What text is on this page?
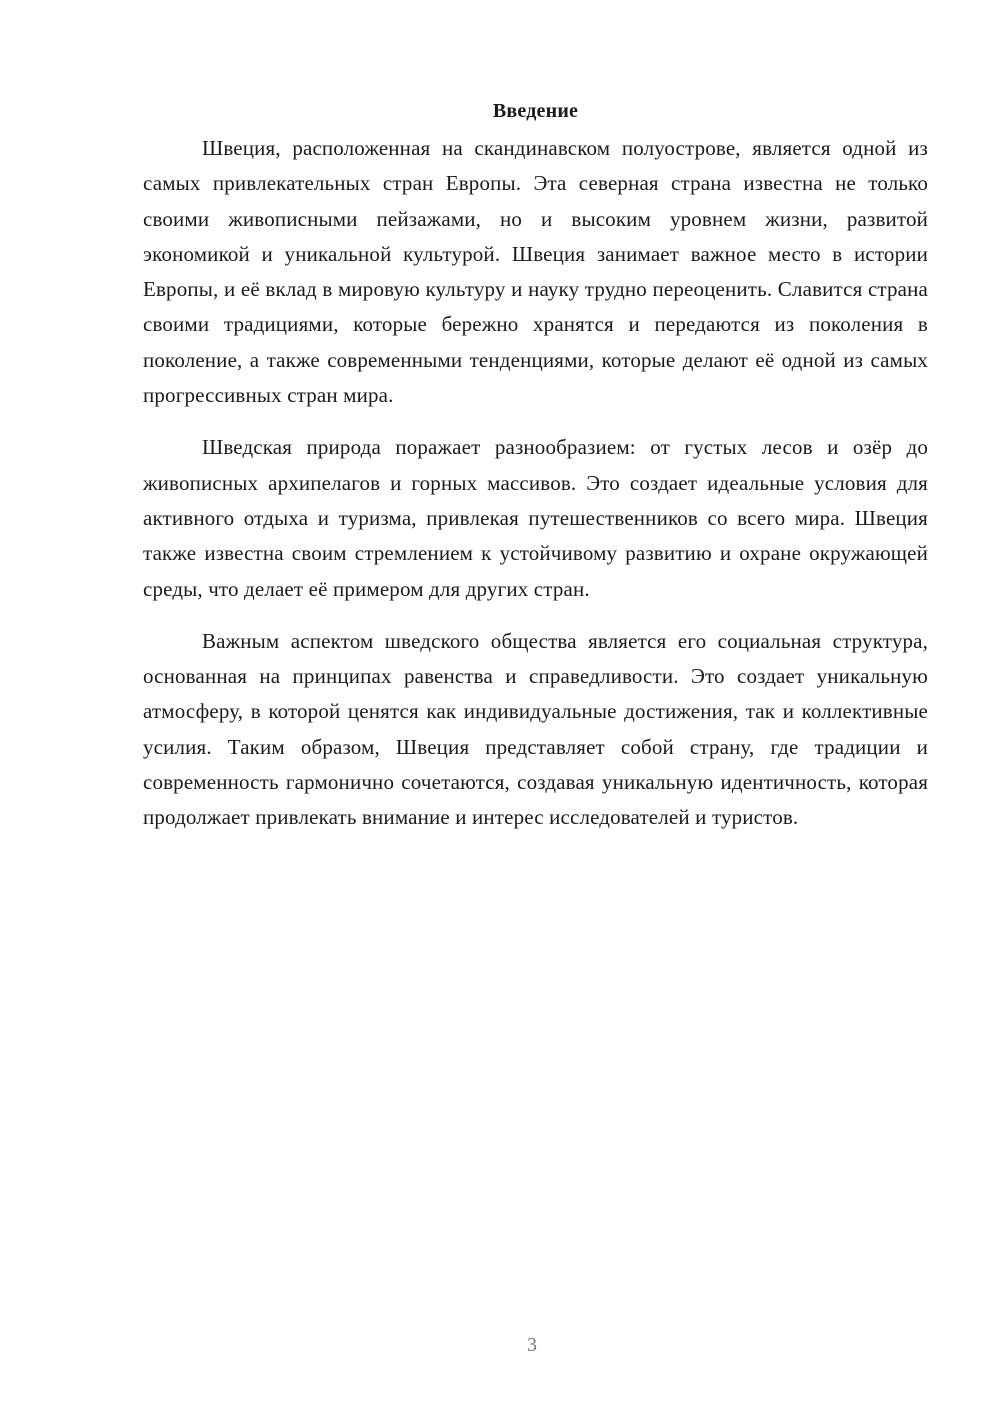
Введение

Швеция, расположенная на скандинавском полуострове, является одной из самых привлекательных стран Европы. Эта северная страна известна не только своими живописными пейзажами, но и высоким уровнем жизни, развитой экономикой и уникальной культурой. Швеция занимает важное место в истории Европы, и её вклад в мировую культуру и науку трудно переоценить. Славится страна своими традициями, которые бережно хранятся и передаются из поколения в поколение, а также современными тенденциями, которые делают её одной из самых прогрессивных стран мира.

Шведская природа поражает разнообразием: от густых лесов и озёр до живописных архипелагов и горных массивов. Это создает идеальные условия для активного отдыха и туризма, привлекая путешественников со всего мира. Швеция также известна своим стремлением к устойчивому развитию и охране окружающей среды, что делает её примером для других стран.

Важным аспектом шведского общества является его социальная структура, основанная на принципах равенства и справедливости. Это создает уникальную атмосферу, в которой ценятся как индивидуальные достижения, так и коллективные усилия. Таким образом, Швеция представляет собой страну, где традиции и современность гармонично сочетаются, создавая уникальную идентичность, которая продолжает привлекать внимание и интерес исследователей и туристов.

3
